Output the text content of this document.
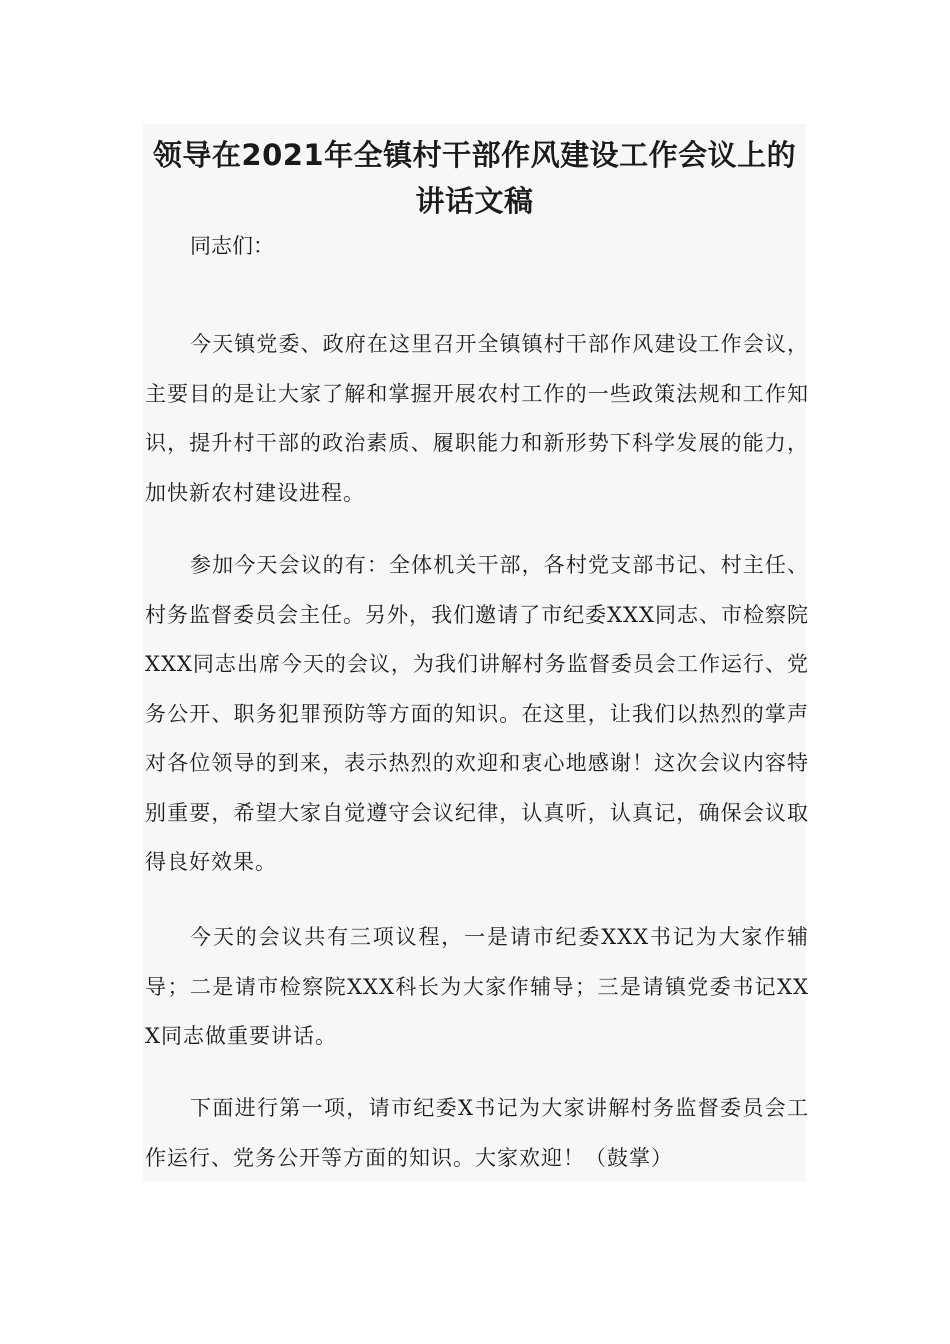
领导在2021年全镇村干部作风建设工作会议上的讲话文稿

同志们：

今天镇党委、政府在这里召开全镇镇村干部作风建设工作会议，主要目的是让大家了解和掌握开展农村工作的一些政策法规和工作知识，提升村干部的政治素质、履职能力和新形势下科学发展的能力，加快新农村建设进程。

参加今天会议的有：全体机关干部，各村党支部书记、村主任、村务监督委员会主任。另外，我们邀请了市纪委XXX同志、市检察院XXX同志出席今天的会议，为我们讲解村务监督委员会工作运行、党务公开、职务犯罪预防等方面的知识。在这里，让我们以热烈的掌声对各位领导的到来，表示热烈的欢迎和衷心地感谢！这次会议内容特别重要，希望大家自觉遵守会议纪律，认真听，认真记，确保会议取得良好效果。

今天的会议共有三项议程，一是请市纪委XXX书记为大家作辅导；二是请市检察院XXX科长为大家作辅导；三是请镇党委书记XXX同志做重要讲话。

下面进行第一项，请市纪委X书记为大家讲解村务监督委员会工作运行、党务公开等方面的知识。大家欢迎！（鼓掌）
